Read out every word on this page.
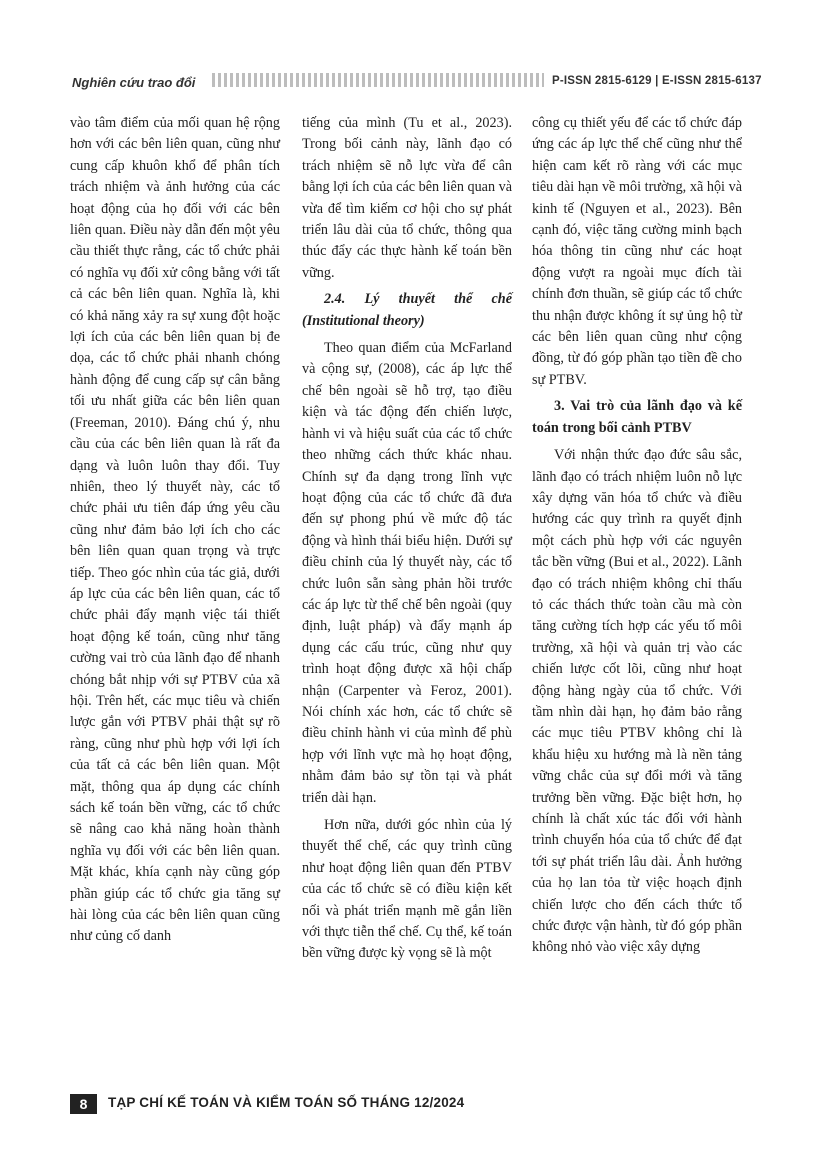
Nghiên cứu trao đổi	P-ISSN 2815-6129 | E-ISSN 2815-6137

vào tâm điểm của mối quan hệ rộng hơn với các bên liên quan, cũng như cung cấp khuôn khổ để phân tích trách nhiệm và ảnh hưởng của các hoạt động của họ đối với các bên liên quan. Điều này dẫn đến một yêu cầu thiết thực rằng, các tổ chức phải có nghĩa vụ đối xử công bằng với tất cả các bên liên quan. Nghĩa là, khi có khả năng xảy ra sự xung đột hoặc lợi ích của các bên liên quan bị đe dọa, các tổ chức phải nhanh chóng hành động để cung cấp sự cân bằng tối ưu nhất giữa các bên liên quan (Freeman, 2010). Đáng chú ý, nhu cầu của các bên liên quan là rất đa dạng và luôn luôn thay đổi. Tuy nhiên, theo lý thuyết này, các tổ chức phải ưu tiên đáp ứng yêu cầu cũng như đảm bảo lợi ích cho các bên liên quan quan trọng và trực tiếp. Theo góc nhìn của tác giả, dưới áp lực của các bên liên quan, các tổ chức phải đẩy mạnh việc tái thiết hoạt động kế toán, cũng như tăng cường vai trò của lãnh đạo để nhanh chóng bắt nhịp với sự PTBV của xã hội. Trên hết, các mục tiêu và chiến lược gắn với PTBV phải thật sự rõ ràng, cũng như phù hợp với lợi ích của tất cả các bên liên quan. Một mặt, thông qua áp dụng các chính sách kế toán bền vững, các tổ chức sẽ nâng cao khả năng hoàn thành nghĩa vụ đối với các bên liên quan. Mặt khác, khía cạnh này cũng góp phần giúp các tổ chức gia tăng sự hài lòng của các bên liên quan cũng như củng cố danh

tiếng của mình (Tu et al., 2023). Trong bối cảnh này, lãnh đạo có trách nhiệm sẽ nỗ lực vừa để cân bằng lợi ích của các bên liên quan và vừa để tìm kiếm cơ hội cho sự phát triển lâu dài của tổ chức, thông qua thúc đẩy các thực hành kế toán bền vững.

2.4. Lý thuyết thể chế (Institutional theory)

Theo quan điểm của McFarland và cộng sự, (2008), các áp lực thể chế bên ngoài sẽ hỗ trợ, tạo điều kiện và tác động đến chiến lược, hành vi và hiệu suất của các tổ chức theo những cách thức khác nhau. Chính sự đa dạng trong lĩnh vực hoạt động của các tổ chức đã đưa đến sự phong phú về mức độ tác động và hình thái biểu hiện. Dưới sự điều chỉnh của lý thuyết này, các tổ chức luôn sẵn sàng phản hồi trước các áp lực từ thể chế bên ngoài (quy định, luật pháp) và đẩy mạnh áp dụng các cấu trúc, cũng như quy trình hoạt động được xã hội chấp nhận (Carpenter và Feroz, 2001). Nói chính xác hơn, các tổ chức sẽ điều chỉnh hành vi của mình để phù hợp với lĩnh vực mà họ hoạt động, nhằm đảm bảo sự tồn tại và phát triển dài hạn.

Hơn nữa, dưới góc nhìn của lý thuyết thể chế, các quy trình cũng như hoạt động liên quan đến PTBV của các tổ chức sẽ có điều kiện kết nối và phát triển mạnh mẽ gắn liền với thực tiễn thể chế. Cụ thể, kế toán bền vững được kỳ vọng sẽ là một

công cụ thiết yếu để các tổ chức đáp ứng các áp lực thể chế cũng như thể hiện cam kết rõ ràng với các mục tiêu dài hạn về môi trường, xã hội và kinh tế (Nguyen et al., 2023). Bên cạnh đó, việc tăng cường minh bạch hóa thông tin cũng như các hoạt động vượt ra ngoài mục đích tài chính đơn thuần, sẽ giúp các tổ chức thu nhận được không ít sự ủng hộ từ các bên liên quan cũng như cộng đồng, từ đó góp phần tạo tiền đề cho sự PTBV.

3. Vai trò của lãnh đạo và kế toán trong bối cảnh PTBV

Với nhận thức đạo đức sâu sắc, lãnh đạo có trách nhiệm luôn nỗ lực xây dựng văn hóa tổ chức và điều hướng các quy trình ra quyết định một cách phù hợp với các nguyên tắc bền vững (Bui et al., 2022). Lãnh đạo có trách nhiệm không chỉ thấu tỏ các thách thức toàn cầu mà còn tăng cường tích hợp các yếu tố môi trường, xã hội và quản trị vào các chiến lược cốt lõi, cũng như hoạt động hàng ngày của tổ chức. Với tầm nhìn dài hạn, họ đảm bảo rằng các mục tiêu PTBV không chỉ là khẩu hiệu xu hướng mà là nền tảng vững chắc của sự đổi mới và tăng trưởng bền vững. Đặc biệt hơn, họ chính là chất xúc tác đối với hành trình chuyển hóa của tổ chức để đạt tới sự phát triển lâu dài. Ảnh hưởng của họ lan tỏa từ việc hoạch định chiến lược cho đến cách thức tổ chức được vận hành, từ đó góp phần không nhỏ vào việc xây dựng

8	TẠP CHÍ KẾ TOÁN VÀ KIỂM TOÁN SỐ THÁNG 12/2024
